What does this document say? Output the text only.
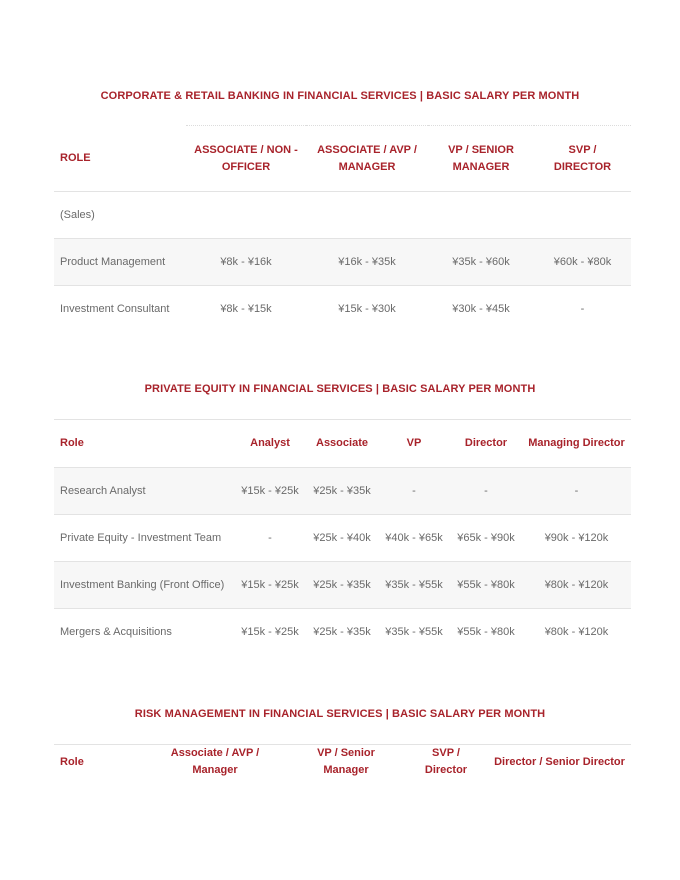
CORPORATE & RETAIL BANKING IN FINANCIAL SERVICES | BASIC SALARY PER MONTH
ROLE	ASSOCIATE / NON - OFFICER	ASSOCIATE / AVP / MANAGER	VP / SENIOR MANAGER	SVP / DIRECTOR
(Sales)				
Product Management	¥8k - ¥16k	¥16k - ¥35k	¥35k - ¥60k	¥60k - ¥80k
Investment Consultant	¥8k - ¥15k	¥15k - ¥30k	¥30k - ¥45k	-
PRIVATE EQUITY IN FINANCIAL SERVICES | BASIC SALARY PER MONTH
Role	Analyst	Associate	VP	Director	Managing Director
Research Analyst	¥15k - ¥25k	¥25k - ¥35k	-	-	-
Private Equity - Investment Team	-	¥25k - ¥40k	¥40k - ¥65k	¥65k - ¥90k	¥90k - ¥120k
Investment Banking (Front Office)	¥15k - ¥25k	¥25k - ¥35k	¥35k - ¥55k	¥55k - ¥80k	¥80k - ¥120k
Mergers & Acquisitions	¥15k - ¥25k	¥25k - ¥35k	¥35k - ¥55k	¥55k - ¥80k	¥80k - ¥120k
RISK MANAGEMENT IN FINANCIAL SERVICES | BASIC SALARY PER MONTH
Role	Associate / AVP / Manager	VP / Senior Manager	SVP / Director	Director / Senior Director
